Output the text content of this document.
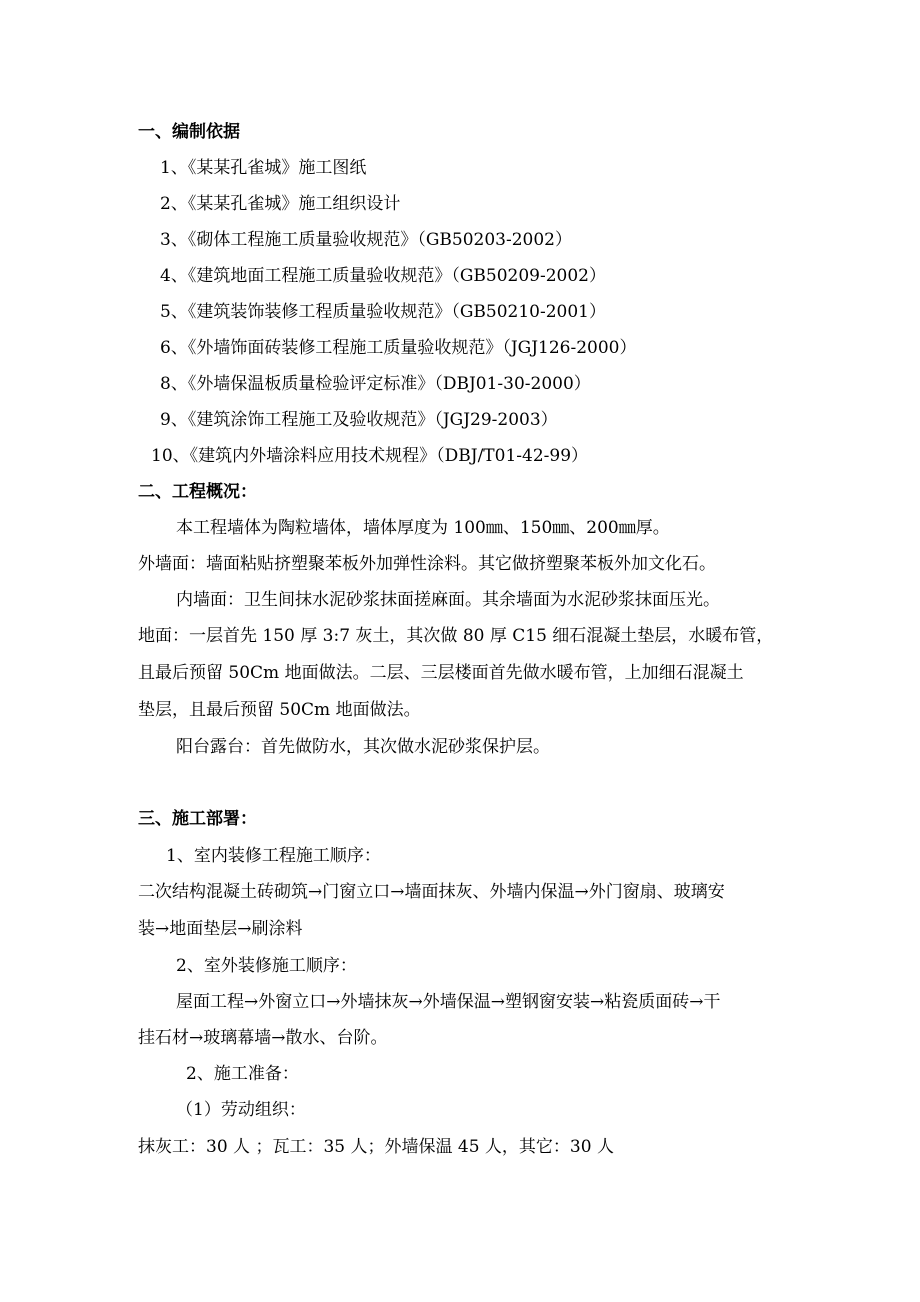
一、编制依据
1、《某某孔雀城》施工图纸
2、《某某孔雀城》施工组织设计
3、《砌体工程施工质量验收规范》（GB50203-2002）
4、《建筑地面工程施工质量验收规范》（GB50209-2002）
5、《建筑装饰装修工程质量验收规范》（GB50210-2001）
6、《外墙饰面砖装修工程施工质量验收规范》（JGJ126-2000）
8、《外墙保温板质量检验评定标准》（DBJ01-30-2000）
9、《建筑涂饰工程施工及验收规范》（JGJ29-2003）
10、《建筑内外墙涂料应用技术规程》（DBJ/T01-42-99）
二、工程概况：
本工程墙体为陶粒墙体，墙体厚度为 100㎜、150㎜、200㎜厚。
外墙面：墙面粘贴挤塑聚苯板外加弹性涂料。其它做挤塑聚苯板外加文化石。
内墙面：卫生间抹水泥砂浆抹面搓麻面。其余墙面为水泥砂浆抹面压光。
地面：一层首先 150 厚 3:7 灰土，其次做 80 厚 C15 细石混凝土垫层，水暖布管，
且最后预留 50Cm 地面做法。二层、三层楼面首先做水暖布管，上加细石混凝土
垫层，且最后预留 50Cm 地面做法。
阳台露台：首先做防水，其次做水泥砂浆保护层。
三、施工部署：
1、室内装修工程施工顺序：
二次结构混凝土砖砌筑→门窗立口→墙面抹灰、外墙内保温→外门窗扇、玻璃安
装→地面垫层→刷涂料
2、室外装修施工顺序：
屋面工程→外窗立口→外墙抹灰→外墙保温→塑钢窗安装→粘瓷质面砖→干
挂石材→玻璃幕墙→散水、台阶。
2、施工准备：
（1）劳动组织：
抹灰工：30 人 ；瓦工：35 人；外墙保温 45 人，其它：30 人
